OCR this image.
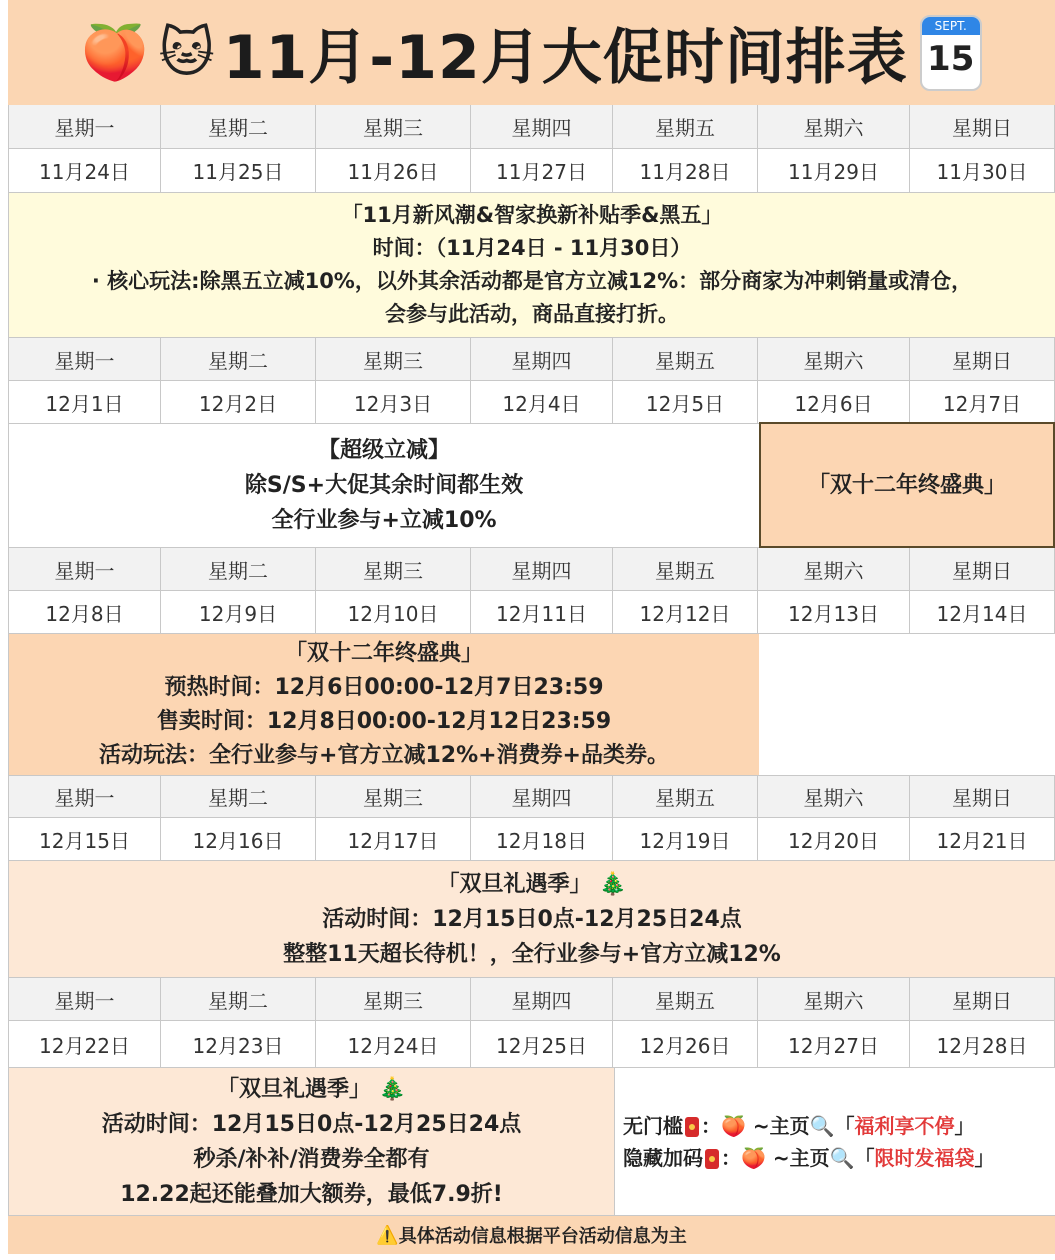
🍑 🐱 11月-12月大促时间排表	SEPT.
15
星期一	星期二	星期三	星期四	星期五	星期六	星期日
11月24日	11月25日	11月26日	11月27日	11月28日	11月29日	11月30日
「11月新风潮&智家换新补贴季&黑五」
时间：（11月24日 - 11月30日）
· 核心玩法:除黑五立减10%，以外其余活动都是官方立减12%：部分商家为冲刺销量或清仓，
会参与此活动，商品直接打折。
星期一	星期二	星期三	星期四	星期五	星期六	星期日
12月1日	12月2日	12月3日	12月4日	12月5日	12月6日	12月7日
【超级立减】
除S/S+大促其余时间都生效
全行业参与+立减10%
「双十二年终盛典」
星期一	星期二	星期三	星期四	星期五	星期六	星期日
12月8日	12月9日	12月10日	12月11日	12月12日	12月13日	12月14日
「双十二年终盛典」
预热时间：12月6日00:00-12月7日23:59
售卖时间：12月8日00:00-12月12日23:59
活动玩法：全行业参与+官方立减12%+消费券+品类券。
星期一	星期二	星期三	星期四	星期五	星期六	星期日
12月15日	12月16日	12月17日	12月18日	12月19日	12月20日	12月21日
「双旦礼遇季」 🎄
活动时间：12月15日0点-12月25日24点
整整11天超长待机！，全行业参与+官方立减12%
星期一	星期二	星期三	星期四	星期五	星期六	星期日
12月22日	12月23日	12月24日	12月25日	12月26日	12月27日	12月28日
「双旦礼遇季」 🎄
活动时间：12月15日0点-12月25日24点
秒杀/补补/消费券全都有
12.22起还能叠加大额券，最低7.9折!
无门槛 ：🍑 ~主页🔍「福利享不停」
隐藏加码 ：🍑 ~主页🔍「限时发福袋」
⚠️ 具体活动信息根据平台活动信息为主
